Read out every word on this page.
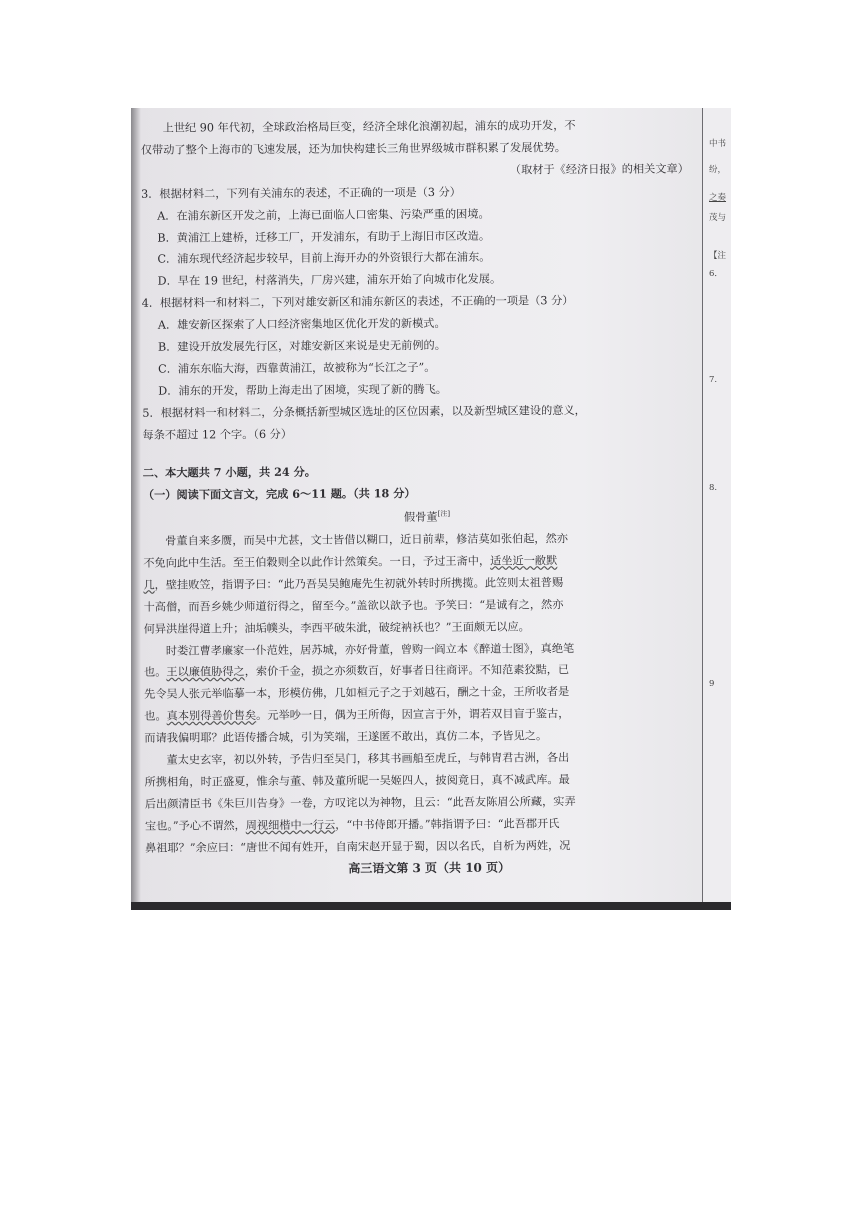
上世纪 90 年代初，全球政治格局巨变，经济全球化浪潮初起，浦东的成功开发，不
仅带动了整个上海市的飞速发展，还为加快构建长三角世界级城市群积累了发展优势。
（取材于《经济日报》的相关文章）
3．根据材料二，下列有关浦东的表述，不正确的一项是（3 分）
A．在浦东新区开发之前，上海已面临人口密集、污染严重的困境。
B．黄浦江上建桥，迁移工厂，开发浦东，有助于上海旧市区改造。
C．浦东现代经济起步较早，目前上海开办的外资银行大都在浦东。
D．早在 19 世纪，村落消失，厂房兴建，浦东开始了向城市化发展。
4．根据材料一和材料二，下列对雄安新区和浦东新区的表述，不正确的一项是（3 分）
A．雄安新区探索了人口经济密集地区优化开发的新模式。
B．建设开放发展先行区，对雄安新区来说是史无前例的。
C．浦东东临大海，西靠黄浦江，故被称为“长江之子”。
D．浦东的开发，帮助上海走出了困境，实现了新的腾飞。
5．根据材料一和材料二，分条概括新型城区选址的区位因素，以及新型城区建设的意义，
每条不超过 12 个字。（6 分）
二、本大题共 7 小题，共 24 分。
（一）阅读下面文言文，完成 6～11 题。（共 18 分）
假骨董[注]
骨董自来多赝，而吴中尤甚，文士皆借以糊口，近日前辈，修洁莫如张伯起，然亦
不免向此中生活。至王伯穀则全以此作计然策矣。一日，予过王斋中，适坐近一敝默
几，壁挂败笠，指谓予曰：“此乃吾吴吴鲍庵先生初就外转时所携揽。此笠则太祖普赐
十高僧，而吾乡姚少师道衍得之，留至今。”盖欲以歆予也。予笑曰：“是诚有之，然亦
何异洪崖得道上升；油垢幞头，李西平破朱泚，破绽衲袄也？”王面颇无以应。
时娄江曹孝廉家一仆范姓，居苏城，亦好骨董，曾购一阎立本《醉道士图》，真绝笔
也。王以廉值胁得之，索价千金，损之亦须数百，好事者日往商评。不知范素狡黠，已
先令吴人张元举临摹一本，形模仿佛，几如桓元子之于刘越石，酬之十金，王所收者是
也。真本别得善价售矣。元举吵一日，偶为王所侮，因宣言于外，谓若双目盲于鉴古，
而请我偏明耶？此语传播合城，引为笑端，王遂匿不敢出，真仿二本，予皆见之。
董太史玄宰，初以外转，予告归至吴门，移其书画船至虎丘，与韩胄君古洲，各出
所携相角，时正盛夏，惟余与董、韩及董所昵一吴姬四人，披阅竟日，真不减武库。最
后出颜清臣书《朱巨川告身》一卷，方叹诧以为神物，且云：“此吾友陈眉公所藏，实弄
宝也。”予心不谓然，周视细楷中一行云，“中书侍郎开播。”韩指谓予曰：“此吾郡开氏
鼻祖耶？”余应曰：“唐世不闻有姓开，自南宋赵开显于蜀，因以名氏，自析为两姓，况
高三语文第 3 页（共 10 页）
中书
纷，
之奏
茂与
【注
6．
7.
8.
9
